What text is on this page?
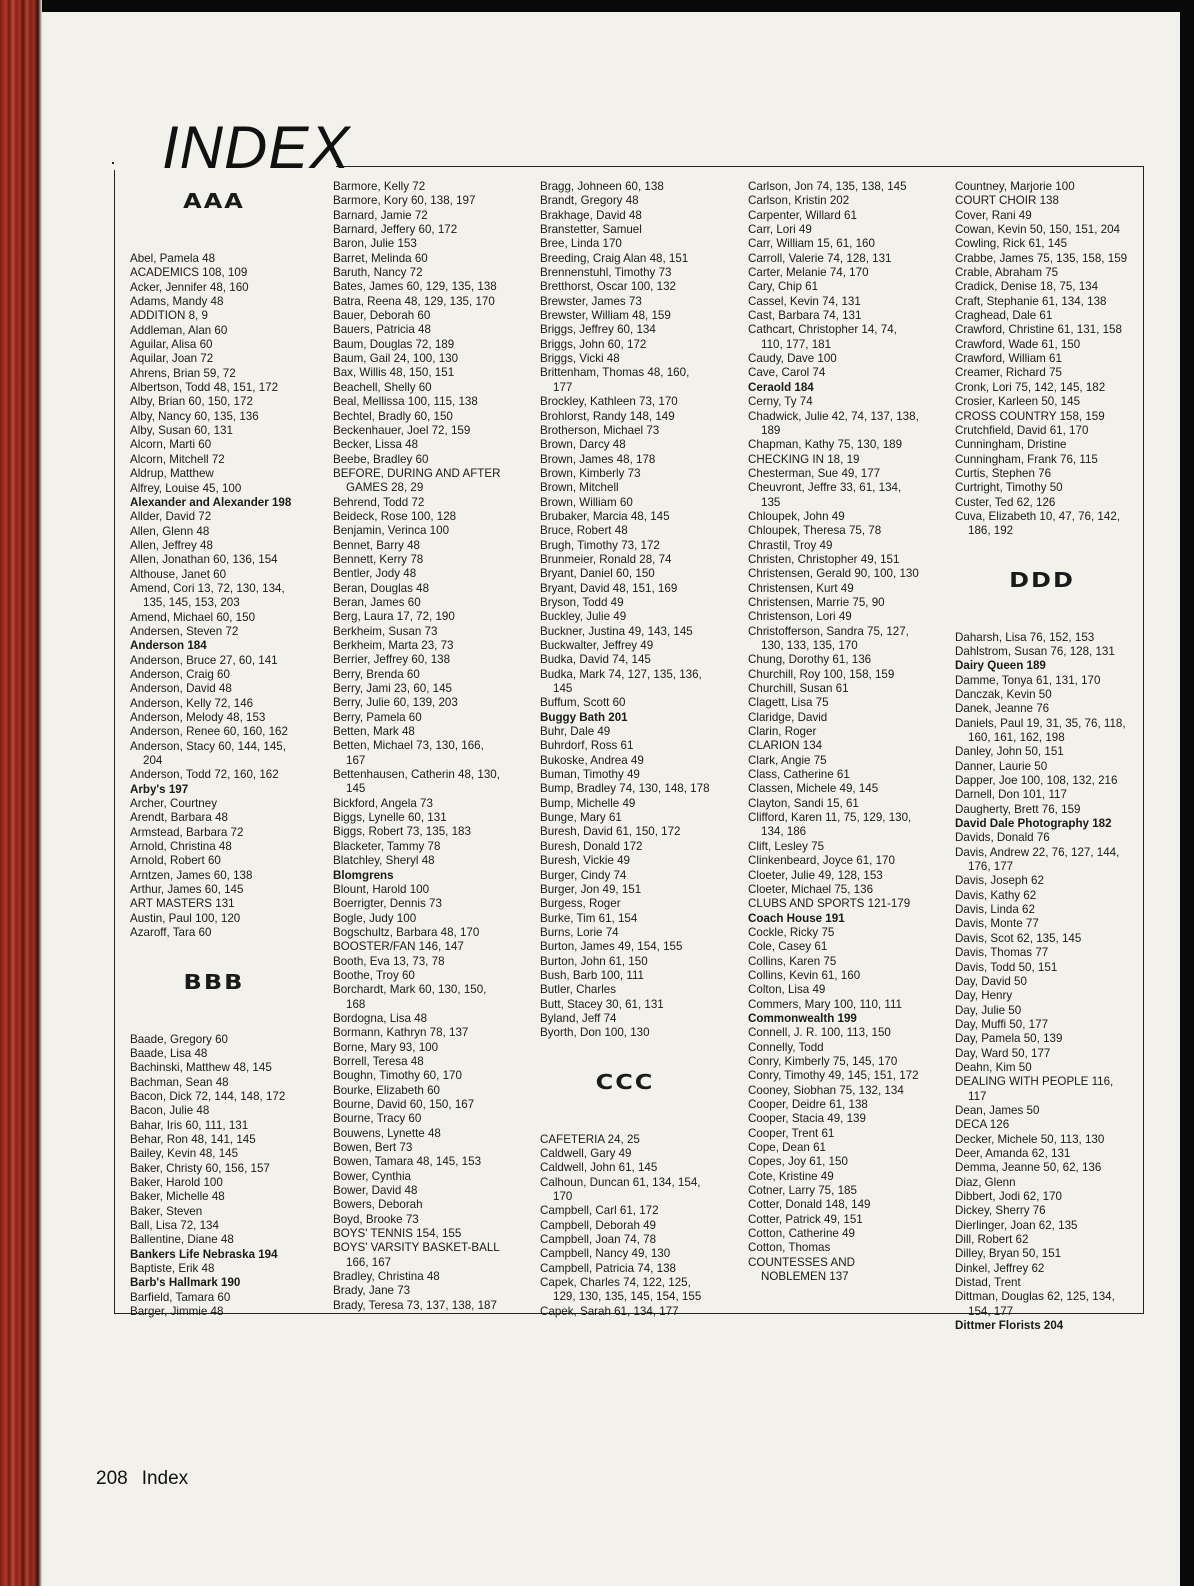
INDEX
AAA
Abel, Pamela 48
ACADEMICS 108, 109
Acker, Jennifer 48, 160
Adams, Mandy 48
ADDITION 8, 9
Addleman, Alan 60
Aguilar, Alisa 60
Aquilar, Joan 72
Ahrens, Brian 59, 72
Albertson, Todd 48, 151, 172
Alby, Brian 60, 150, 172
Alby, Nancy 60, 135, 136
Alby, Susan 60, 131
Alcorn, Marti 60
Alcorn, Mitchell 72
Aldrup, Matthew
Alfrey, Louise 45, 100
Alexander and Alexander 198
Allder, David 72
Allen, Glenn 48
Allen, Jeffrey 48
Allen, Jonathan 60, 136, 154
Althouse, Janet 60
Amend, Cori 13, 72, 130, 134, 135, 145, 153, 203
Amend, Michael 60, 150
Andersen, Steven 72
Anderson 184
Anderson, Bruce 27, 60, 141
Anderson, Craig 60
Anderson, David 48
Anderson, Kelly 72, 146
Anderson, Melody 48, 153
Anderson, Renee 60, 160, 162
Anderson, Stacy 60, 144, 145, 204
Anderson, Todd 72, 160, 162
Arby's 197
Archer, Courtney
Arendt, Barbara 48
Armstead, Barbara 72
Arnold, Christina 48
Arnold, Robert 60
Arntzen, James 60, 138
Arthur, James 60, 145
ART MASTERS 131
Austin, Paul 100, 120
Azaroff, Tara 60
BBB
Baade, Gregory 60
Baade, Lisa 48
Bachinski, Matthew 48, 145
Bachman, Sean 48
Bacon, Dick 72, 144, 148, 172
Bacon, Julie 48
Bahar, Iris 60, 111, 131
Behar, Ron 48, 141, 145
Bailey, Kevin 48, 145
Baker, Christy 60, 156, 157
Baker, Harold 100
Baker, Michelle 48
Baker, Steven
Ball, Lisa 72, 134
Ballentine, Diane 48
Bankers Life Nebraska 194
Baptiste, Erik 48
Barb's Hallmark 190
Barfield, Tamara 60
Barger, Jimmie 48
Barmore, Kelly 72
Barmore, Kory 60, 138, 197
Barnard, Jamie 72
Barnard, Jeffery 60, 172
Baron, Julie 153
Barret, Melinda 60
Baruth, Nancy 72
Bates, James 60, 129, 135, 138
Batra, Reena 48, 129, 135, 170
Bauer, Deborah 60
Bauers, Patricia 48
Baum, Douglas 72, 189
Baum, Gail 24, 100, 130
Bax, Willis 48, 150, 151
Beachell, Shelly 60
Beal, Mellissa 100, 115, 138
Bechtel, Bradly 60, 150
Beckenhauer, Joel 72, 159
Becker, Lissa 48
Beebe, Bradley 60
BEFORE, DURING AND AFTER GAMES 28, 29
Behrend, Todd 72
Beideck, Rose 100, 128
Benjamin, Verinca 100
Bennet, Barry 48
Bennett, Kerry 78
Bentler, Jody 48
Beran, Douglas 48
Beran, James 60
Berg, Laura 17, 72, 190
Berkheim, Susan 73
Berkheim, Marta 23, 73
Berrier, Jeffrey 60, 138
Berry, Brenda 60
Berry, Jami 23, 60, 145
Berry, Julie 60, 139, 203
Berry, Pamela 60
Betten, Mark 48
Betten, Michael 73, 130, 166, 167
Bettenhausen, Catherin 48, 130, 145
Bickford, Angela 73
Biggs, Lynelle 60, 131
Biggs, Robert 73, 135, 183
Blacketer, Tammy 78
Blatchley, Sheryl 48
Blomgrens
Blount, Harold 100
Boerrigter, Dennis 73
Bogle, Judy 100
Bogschultz, Barbara 48, 170
BOOSTER/FAN 146, 147
Booth, Eva 13, 73, 78
Boothe, Troy 60
Borchardt, Mark 60, 130, 150, 168
Bordogna, Lisa 48
Bormann, Kathryn 78, 137
Borne, Mary 93, 100
Borrell, Teresa 48
Boughn, Timothy 60, 170
Bourke, Elizabeth 60
Bourne, David 60, 150, 167
Bourne, Tracy 60
Bouwens, Lynette 48
Bowen, Bert 73
Bowen, Tamara 48, 145, 153
Bower, Cynthia
Bower, David 48
Bowers, Deborah
Boyd, Brooke 73
BOYS' TENNIS 154, 155
BOYS' VARSITY BASKET-BALL 166, 167
Bradley, Christina 48
Brady, Jane 73
Brady, Teresa 73, 137, 138, 187
Bragg, Johneen 60, 138
Brandt, Gregory 48
Brakhage, David 48
Branstetter, Samuel
Bree, Linda 170
Breeding, Craig Alan 48, 151
Brennenstuhl, Timothy 73
Bretthorst, Oscar 100, 132
Brewster, James 73
Brewster, William 48, 159
Briggs, Jeffrey 60, 134
Briggs, John 60, 172
Briggs, Vicki 48
Brittenham, Thomas 48, 160, 177
Brockley, Kathleen 73, 170
Brohlorst, Randy 148, 149
Brotherson, Michael 73
Brown, Darcy 48
Brown, James 48, 178
Brown, Kimberly 73
Brown, Mitchell
Brown, William 60
Brubaker, Marcia 48, 145
Bruce, Robert 48
Brugh, Timothy 73, 172
Brunmeier, Ronald 28, 74
Bryant, Daniel 60, 150
Bryant, David 48, 151, 169
Bryson, Todd 49
Buckley, Julie 49
Buckner, Justina 49, 143, 145
Buckwalter, Jeffrey 49
Budka, David 74, 145
Budka, Mark 74, 127, 135, 136, 145
Buffum, Scott 60
Buggy Bath 201
Buhr, Dale 49
Buhrdorf, Ross 61
Bukoske, Andrea 49
Buman, Timothy 49
Bump, Bradley 74, 130, 148, 178
Bump, Michelle 49
Bunge, Mary 61
Buresh, David 61, 150, 172
Buresh, Donald 172
Buresh, Vickie 49
Burger, Cindy 74
Burger, Jon 49, 151
Burgess, Roger
Burke, Tim 61, 154
Burns, Lorie 74
Burton, James 49, 154, 155
Burton, John 61, 150
Bush, Barb 100, 111
Butler, Charles
Butt, Stacey 30, 61, 131
Byland, Jeff 74
Byorth, Don 100, 130
CCC
CAFETERIA 24, 25
Caldwell, Gary 49
Caldwell, John 61, 145
Calhoun, Duncan 61, 134, 154, 170
Campbell, Carl 61, 172
Campbell, Deborah 49
Campbell, Joan 74, 78
Campbell, Nancy 49, 130
Campbell, Patricia 74, 138
Capek, Charles 74, 122, 125, 129, 130, 135, 145, 154, 155
Capek, Sarah 61, 134, 177
Carlson, Jon 74, 135, 138, 145
Carlson, Kristin 202
Carpenter, Willard 61
Carr, Lori 49
Carr, William 15, 61, 160
Carroll, Valerie 74, 128, 131
Carter, Melanie 74, 170
Cary, Chip 61
Cassel, Kevin 74, 131
Cast, Barbara 74, 131
Cathcart, Christopher 14, 74, 110, 177, 181
Caudy, Dave 100
Cave, Carol 74
Ceraold 184
Cerny, Ty 74
Chadwick, Julie 42, 74, 137, 138, 189
Chapman, Kathy 75, 130, 189
CHECKING IN 18, 19
Chesterman, Sue 49, 177
Cheuvront, Jeffre 33, 61, 134, 135
Chloupek, John 49
Chloupek, Theresa 75, 78
Chrastil, Troy 49
Christen, Christopher 49, 151
Christensen, Gerald 90, 100, 130
Christensen, Kurt 49
Christensen, Marrie 75, 90
Christenson, Lori 49
Christofferson, Sandra 75, 127, 130, 133, 135, 170
Chung, Dorothy 61, 136
Churchill, Roy 100, 158, 159
Churchill, Susan 61
Clagett, Lisa 75
Claridge, David
Clarin, Roger
CLARION 134
Clark, Angie 75
Class, Catherine 61
Classen, Michele 49, 145
Clayton, Sandi 15, 61
Clifford, Karen 11, 75, 129, 130, 134, 186
Clift, Lesley 75
Clinkenbeard, Joyce 61, 170
Cloeter, Julie 49, 128, 153
Cloeter, Michael 75, 136
CLUBS AND SPORTS 121-179
Coach House 191
Cockle, Ricky 75
Cole, Casey 61
Collins, Karen 75
Collins, Kevin 61, 160
Colton, Lisa 49
Commers, Mary 100, 110, 111
Commonwealth 199
Connell, J. R. 100, 113, 150
Connelly, Todd
Conry, Kimberly 75, 145, 170
Conry, Timothy 49, 145, 151, 172
Cooney, Siobhan 75, 132, 134
Cooper, Deidre 61, 138
Cooper, Stacia 49, 139
Cooper, Trent 61
Cope, Dean 61
Copes, Joy 61, 150
Cote, Kristine 49
Cotner, Larry 75, 185
Cotter, Donald 148, 149
Cotter, Patrick 49, 151
Cotton, Catherine 49
Cotton, Thomas
COUNTESSES AND NOBLEMEN 137
Countney, Marjorie 100
COURT CHOIR 138
Cover, Rani 49
Cowan, Kevin 50, 150, 151, 204
Cowling, Rick 61, 145
Crabbe, James 75, 135, 158, 159
Crable, Abraham 75
Cradick, Denise 18, 75, 134
Craft, Stephanie 61, 134, 138
Craghead, Dale 61
Crawford, Christine 61, 131, 158
Crawford, Wade 61, 150
Crawford, William 61
Creamer, Richard 75
Cronk, Lori 75, 142, 145, 182
Crosier, Karleen 50, 145
CROSS COUNTRY 158, 159
Crutchfield, David 61, 170
Cunningham, Dristine
Cunningham, Frank 76, 115
Curtis, Stephen 76
Curtright, Timothy 50
Custer, Ted 62, 126
Cuva, Elizabeth 10, 47, 76, 142, 186, 192
DDD
Daharsh, Lisa 76, 152, 153
Dahlstrom, Susan 76, 128, 131
Dairy Queen 189
Damme, Tonya 61, 131, 170
Danczak, Kevin 50
Danek, Jeanne 76
Daniels, Paul 19, 31, 35, 76, 118, 160, 161, 162, 198
Danley, John 50, 151
Danner, Laurie 50
Dapper, Joe 100, 108, 132, 216
Darnell, Don 101, 117
Daugherty, Brett 76, 159
David Dale Photography 182
Davids, Donald 76
Davis, Andrew 22, 76, 127, 144, 176, 177
Davis, Joseph 62
Davis, Kathy 62
Davis, Linda 62
Davis, Monte 77
Davis, Scot 62, 135, 145
Davis, Thomas 77
Davis, Todd 50, 151
Day, David 50
Day, Henry
Day, Julie 50
Day, Muffi 50, 177
Day, Pamela 50, 139
Day, Ward 50, 177
Deahn, Kim 50
DEALING WITH PEOPLE 116, 117
Dean, James 50
DECA 126
Decker, Michele 50, 113, 130
Deer, Amanda 62, 131
Demma, Jeanne 50, 62, 136
Diaz, Glenn
Dibbert, Jodi 62, 170
Dickey, Sherry 76
Dierlinger, Joan 62, 135
Dill, Robert 62
Dilley, Bryan 50, 151
Dinkel, Jeffrey 62
Distad, Trent
Dittman, Douglas 62, 125, 134, 154, 177
Dittmer Florists 204
208 Index
